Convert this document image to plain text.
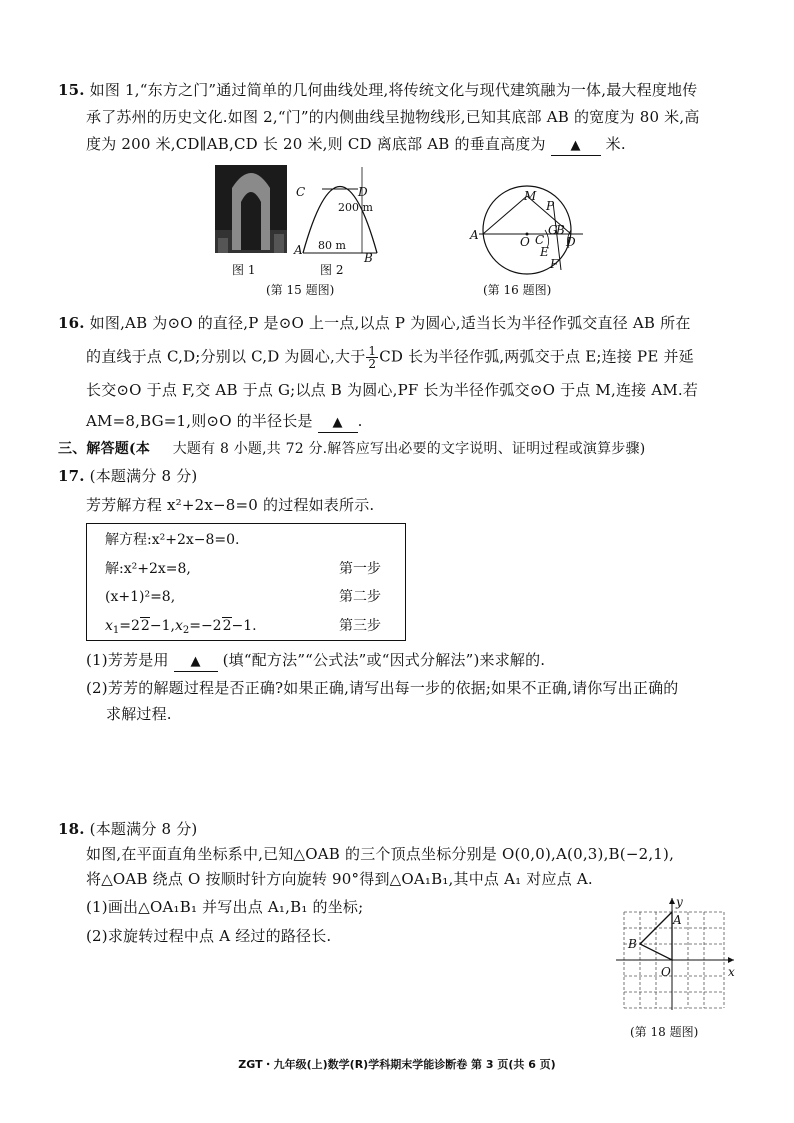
15. 如图 1,“东方之门”通过简单的几何曲线处理,将传统文化与现代建筑融为一体,最大程度地传
承了苏州的历史文化.如图 2,“门”的内侧曲线呈抛物线形,已知其底部 AB 的宽度为 80 米,高
度为 200 米,CD∥AB,CD 长 20 米,则 CD 离底部 AB 的垂直高度为 ▲ 米.
C	D
A
B
200 m
80 m
图 1	图 2
(第 15 题图)
A
M
P
O C
G
B
D
E
F
(第 16 题图)
16. 如图,AB 为⊙O 的直径,P 是⊙O 上一点,以点 P 为圆心,适当长为半径作弧交直径 AB 所在
的直线于点 C,D;分别以 C,D 为圆心,大于 $\frac{1}{2}$ CD 长为半径作弧,两弧交于点 E;连接 PE 并延
长交⊙O 于点 F,交 AB 于点 G;以点 B 为圆心,PF 长为半径作弧交⊙O 于点 M,连接 AM.若
AM=8,BG=1,则⊙O 的半径长是 ▲ .
三、解答题(本 大题有 8 小题,共 72 分.解答应写出必要的文字说明、证明过程或演算步骤)
17. (本题满分 8 分)
芳芳解方程 x²+2x−8=0 的过程如表所示.
解方程:x²+2x−8=0.
解:x²+2x=8,	第一步
(x+1)²=8,	第二步
$x_1=22-1,x_2=-22-1$.	第三步
(1)芳芳是用 ▲ (填“配方法”“公式法”或“因式分解法”)来求解的.
(2)芳芳的解题过程是否正确?如果正确,请写出每一步的依据;如果不正确,请你写出正确的
求解过程.
18. (本题满分 8 分)
如图,在平面直角坐标系中,已知△OAB 的三个顶点坐标分别是 O(0,0),A(0,3),B(−2,1),
将△OAB 绕点 O 按顺时针方向旋转 90°得到△OA₁B₁,其中点 A₁ 对应点 A.
(1)画出△OA₁B₁ 并写出点 A₁,B₁ 的坐标;
(2)求旋转过程中点 A 经过的路径长.
y
x
A
B
O
(第 18 题图)
ZGT・九年级(上)数学(R)学科期末学能诊断卷 第 3 页(共 6 页)
